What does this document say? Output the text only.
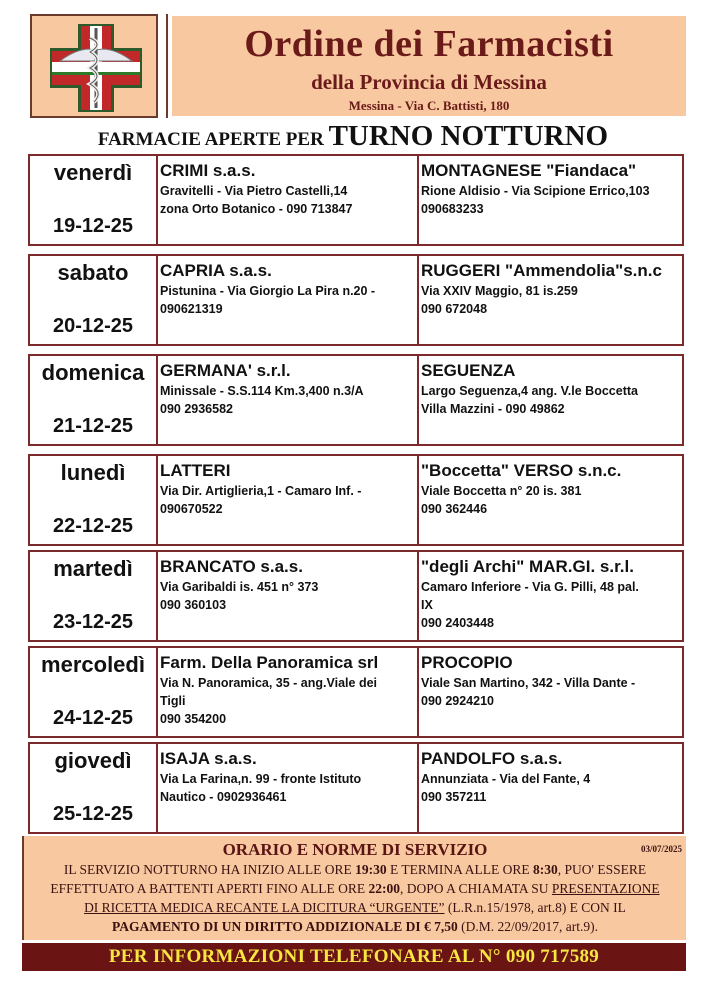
Ordine dei Farmacisti
della Provincia di Messina
Messina - Via C. Battisti, 180
FARMACIE APERTE PER TURNO NOTTURNO
venerdì
19-12-25
CRIMI s.a.s.
Gravitelli - Via Pietro Castelli,14
zona Orto Botanico - 090 713847
MONTAGNESE "Fiandaca"
Rione Aldisio - Via Scipione Errico,103
090683233
sabato
20-12-25
CAPRIA s.a.s.
Pistunina - Via Giorgio La Pira n.20 -
090621319
RUGGERI "Ammendolia"s.n.c
Via XXIV Maggio, 81 is.259
090 672048
domenica
21-12-25
GERMANA' s.r.l.
Minissale - S.S.114 Km.3,400 n.3/A
090 2936582
SEGUENZA
Largo Seguenza,4 ang. V.le Boccetta
Villa Mazzini - 090 49862
lunedì
22-12-25
LATTERI
Via Dir. Artiglieria,1 - Camaro Inf. -
090670522
"Boccetta" VERSO s.n.c.
Viale Boccetta n° 20 is. 381
090 362446
martedì
23-12-25
BRANCATO s.a.s.
Via Garibaldi is. 451 n° 373
090 360103
"degli Archi" MAR.GI. s.r.l.
Camaro Inferiore - Via G. Pilli, 48 pal.
IX
090 2403448
mercoledì
24-12-25
Farm. Della Panoramica srl
Via N. Panoramica, 35 - ang.Viale dei
Tigli
090 354200
PROCOPIO
Viale San Martino, 342 - Villa Dante -
090 2924210
giovedì
25-12-25
ISAJA s.a.s.
Via La Farina,n. 99 - fronte Istituto
Nautico - 0902936461
PANDOLFO s.a.s.
Annunziata - Via del Fante, 4
090 357211
ORARIO E NORME DI SERVIZIO	03/07/2025
IL SERVIZIO NOTTURNO HA INIZIO ALLE ORE 19:30 E TERMINA ALLE ORE 8:30, PUO' ESSERE
EFFETTUATO A BATTENTI APERTI FINO ALLE ORE 22:00, DOPO A CHIAMATA SU PRESENTAZIONE
DI RICETTA MEDICA RECANTE LA DICITURA “URGENTE” (L.R.n.15/1978, art.8) E CON IL
PAGAMENTO DI UN DIRITTO ADDIZIONALE DI € 7,50 (D.M. 22/09/2017, art.9).
PER INFORMAZIONI TELEFONARE AL N° 090 717589
